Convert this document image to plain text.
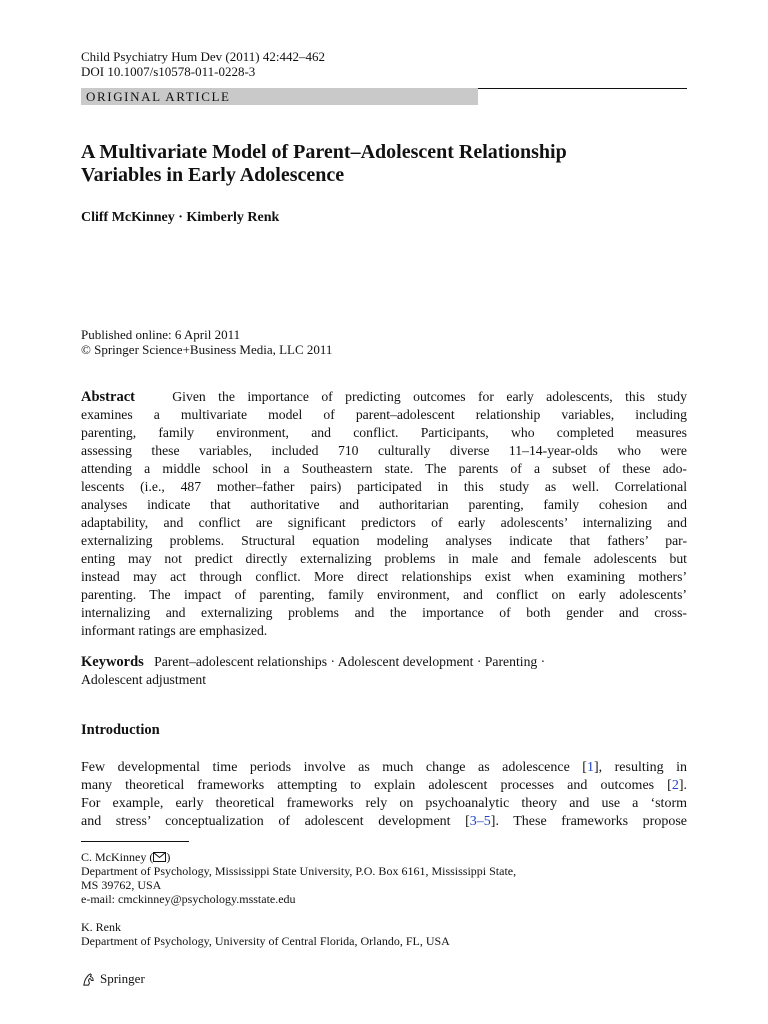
Child Psychiatry Hum Dev (2011) 42:442–462
DOI 10.1007/s10578-011-0228-3
ORIGINAL ARTICLE
A Multivariate Model of Parent–Adolescent Relationship
Variables in Early Adolescence
Cliff McKinney · Kimberly Renk
Published online: 6 April 2011
© Springer Science+Business Media, LLC 2011
Abstract	Given the importance of predicting outcomes for early adolescents, this study
examines a multivariate model of parent–adolescent relationship variables, including
parenting, family environment, and conflict. Participants, who completed measures
assessing these variables, included 710 culturally diverse 11–14-year-olds who were
attending a middle school in a Southeastern state. The parents of a subset of these ado-
lescents (i.e., 487 mother–father pairs) participated in this study as well. Correlational
analyses indicate that authoritative and authoritarian parenting, family cohesion and
adaptability, and conflict are significant predictors of early adolescents’ internalizing and
externalizing problems. Structural equation modeling analyses indicate that fathers’ par-
enting may not predict directly externalizing problems in male and female adolescents but
instead may act through conflict. More direct relationships exist when examining mothers’
parenting. The impact of parenting, family environment, and conflict on early adolescents’
internalizing and externalizing problems and the importance of both gender and cross-
informant ratings are emphasized.
Keywords Parent–adolescent relationships · Adolescent development · Parenting ·
Adolescent adjustment
Introduction
Few developmental time periods involve as much change as adolescence [1], resulting in
many theoretical frameworks attempting to explain adolescent processes and outcomes [2].
For example, early theoretical frameworks rely on psychoanalytic theory and use a ‘storm
and stress’ conceptualization of adolescent development [3–5]. These frameworks propose
C. McKinney ( )
Department of Psychology, Mississippi State University, P.O. Box 6161, Mississippi State,
MS 39762, USA
e-mail: cmckinney@psychology.msstate.edu
K. Renk
Department of Psychology, University of Central Florida, Orlando, FL, USA
Springer
